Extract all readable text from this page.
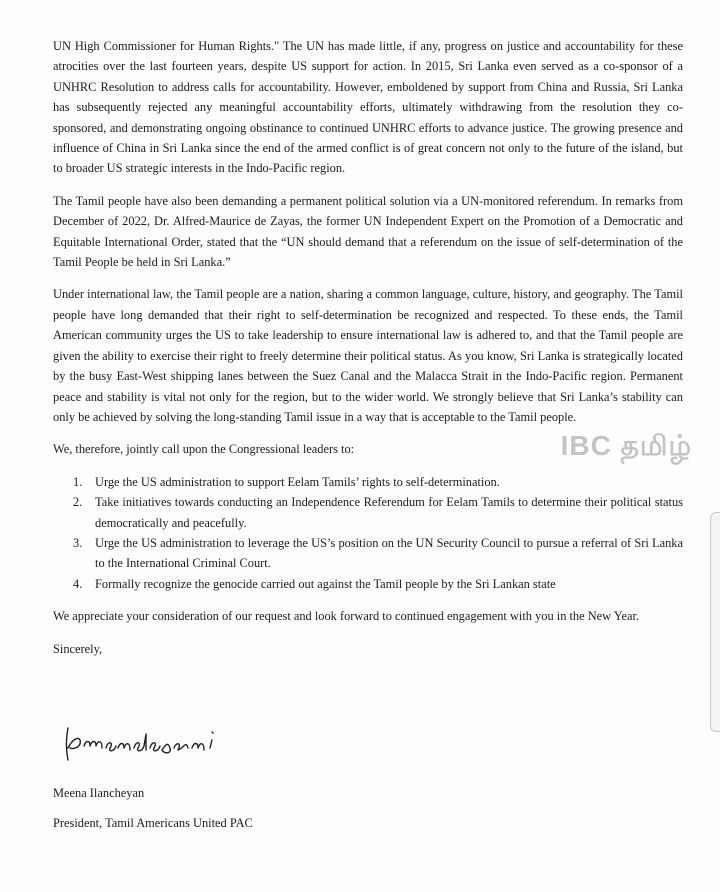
UN High Commissioner for Human Rights." The UN has made little, if any, progress on justice and accountability for these atrocities over the last fourteen years, despite US support for action. In 2015, Sri Lanka even served as a co-sponsor of a UNHRC Resolution to address calls for accountability. However, emboldened by support from China and Russia, Sri Lanka has subsequently rejected any meaningful accountability efforts, ultimately withdrawing from the resolution they co-sponsored, and demonstrating ongoing obstinance to continued UNHRC efforts to advance justice. The growing presence and influence of China in Sri Lanka since the end of the armed conflict is of great concern not only to the future of the island, but to broader US strategic interests in the Indo-Pacific region.

The Tamil people have also been demanding a permanent political solution via a UN-monitored referendum. In remarks from December of 2022, Dr. Alfred-Maurice de Zayas, the former UN Independent Expert on the Promotion of a Democratic and Equitable International Order, stated that the “UN should demand that a referendum on the issue of self-determination of the Tamil People be held in Sri Lanka.”

Under international law, the Tamil people are a nation, sharing a common language, culture, history, and geography. The Tamil people have long demanded that their right to self-determination be recognized and respected. To these ends, the Tamil American community urges the US to take leadership to ensure international law is adhered to, and that the Tamil people are given the ability to exercise their right to freely determine their political status. As you know, Sri Lanka is strategically located by the busy East-West shipping lanes between the Suez Canal and the Malacca Strait in the Indo-Pacific region. Permanent peace and stability is vital not only for the region, but to the wider world. We strongly believe that Sri Lanka’s stability can only be achieved by solving the long-standing Tamil issue in a way that is acceptable to the Tamil people.

We, therefore, jointly call upon the Congressional leaders to:

1. Urge the US administration to support Eelam Tamils’ rights to self-determination.
2. Take initiatives towards conducting an Independence Referendum for Eelam Tamils to determine their political status democratically and peacefully.
3. Urge the US administration to leverage the US’s position on the UN Security Council to pursue a referral of Sri Lanka to the International Criminal Court.
4. Formally recognize the genocide carried out against the Tamil people by the Sri Lankan state

We appreciate your consideration of our request and look forward to continued engagement with you in the New Year.

Sincerely,

IBC தமிழ்
Meena Ilancheyan
President, Tamil Americans United PAC
